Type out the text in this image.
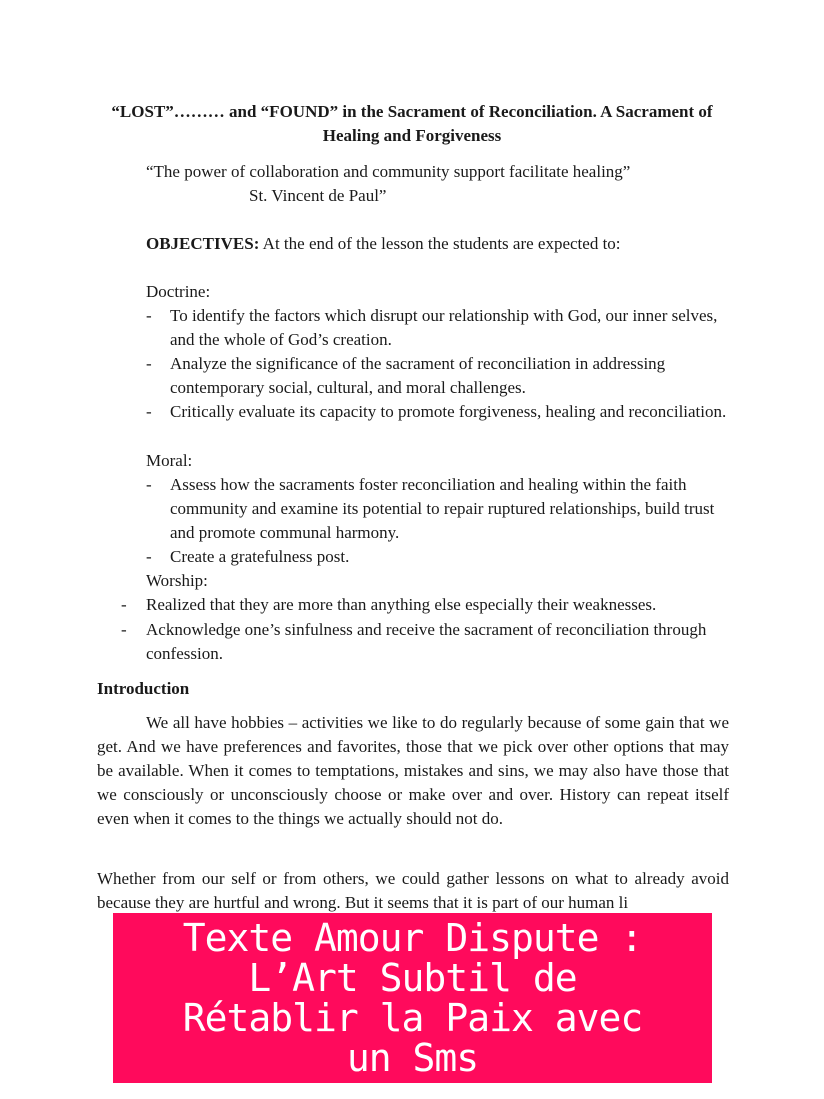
“LOST”……… and “FOUND” in the Sacrament of Reconciliation. A Sacrament of Healing and Forgiveness
“The power of collaboration and community support facilitate healing”
St. Vincent de Paul”
OBJECTIVES: At the end of the lesson the students are expected to:
Doctrine:
- To identify the factors which disrupt our relationship with God, our inner selves, and the whole of God’s creation.
- Analyze the significance of the sacrament of reconciliation in addressing contemporary social, cultural, and moral challenges.
- Critically evaluate its capacity to promote forgiveness, healing and reconciliation.
Moral:
- Assess how the sacraments foster reconciliation and healing within the faith community and examine its potential to repair ruptured relationships, build trust and promote communal harmony.
- Create a gratefulness post.
Worship:
- Realized that they are more than anything else especially their weaknesses.
- Acknowledge one’s sinfulness and receive the sacrament of reconciliation through confession.
Introduction
We all have hobbies – activities we like to do regularly because of some gain that we get. And we have preferences and favorites, those that we pick over other options that may be available. When it comes to temptations, mistakes and sins, we may also have those that we consciously or unconsciously choose or make over and over. History can repeat itself even when it comes to the things we actually should not do.
Whether from our self or from others, we could gather lessons on what to already avoid because they are hurtful and wrong. But it seems that it is part of our human li
Texte Amour Dispute : L’Art Subtil de Rétablir la Paix avec un Sms
